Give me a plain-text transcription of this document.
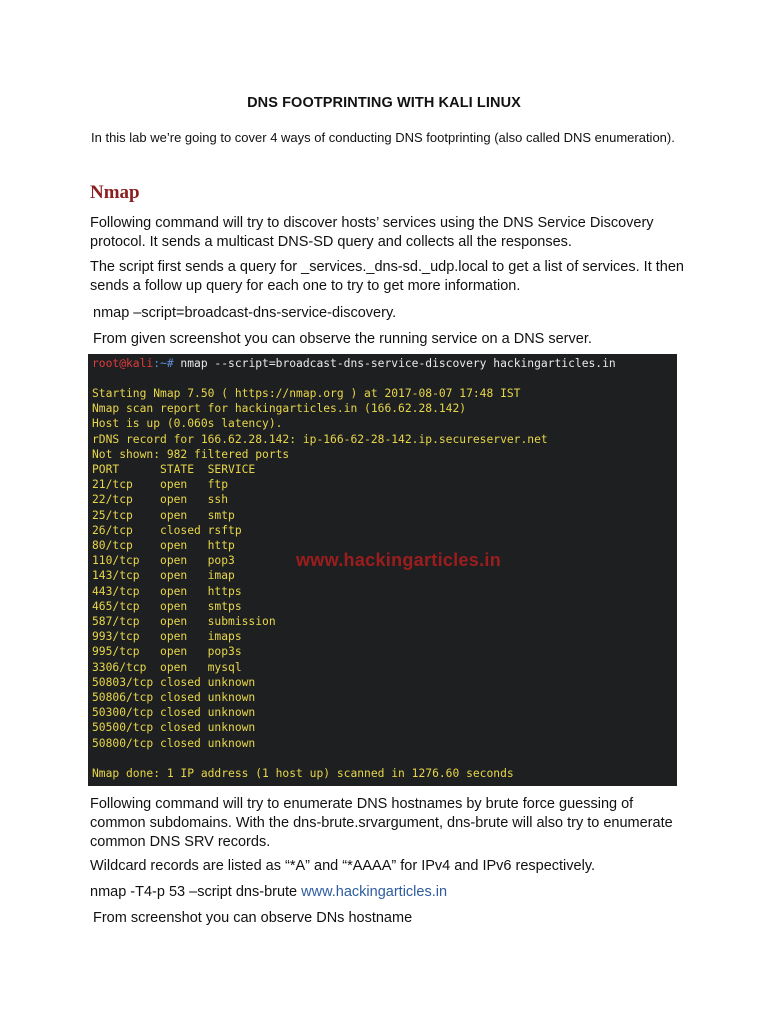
DNS FOOTPRINTING WITH KALI LINUX
In this lab we’re going to cover 4 ways of conducting DNS footprinting (also called DNS enumeration).
Nmap
Following command will try to discover hosts’ services using the DNS Service Discovery protocol. It sends a multicast DNS-SD query and collects all the responses.
The script first sends a query for _services._dns-sd._udp.local to get a list of services. It then sends a follow up query for each one to try to get more information.
nmap –script=broadcast-dns-service-discovery.
From given screenshot you can observe the running service on a DNS server.
root@kali:~# nmap --script=broadcast-dns-service-discovery hackingarticles.in
Starting Nmap 7.50 ( https://nmap.org ) at 2017-08-07 17:48 IST
Nmap scan report for hackingarticles.in (166.62.28.142)
Host is up (0.060s latency).
rDNS record for 166.62.28.142: ip-166-62-28-142.ip.secureserver.net
Not shown: 982 filtered ports
PORT      STATE  SERVICE
21/tcp    open   ftp
22/tcp    open   ssh
25/tcp    open   smtp
26/tcp    closed rsftp
80/tcp    open   http
110/tcp   open   pop3
143/tcp   open   imap
443/tcp   open   https
465/tcp   open   smtps
587/tcp   open   submission
993/tcp   open   imaps
995/tcp   open   pop3s
3306/tcp  open   mysql
50803/tcp closed unknown
50806/tcp closed unknown
50300/tcp closed unknown
50500/tcp closed unknown
50800/tcp closed unknown
Nmap done: 1 IP address (1 host up) scanned in 1276.60 seconds
www.hackingarticles.in
Following command will try to enumerate DNS hostnames by brute force guessing of common subdomains. With the dns-brute.srvargument, dns-brute will also try to enumerate common DNS SRV records.
Wildcard records are listed as “*A” and “*AAAA” for IPv4 and IPv6 respectively.
nmap -T4-p 53 –script dns-brute www.hackingarticles.in
From screenshot you can observe DNs hostname
